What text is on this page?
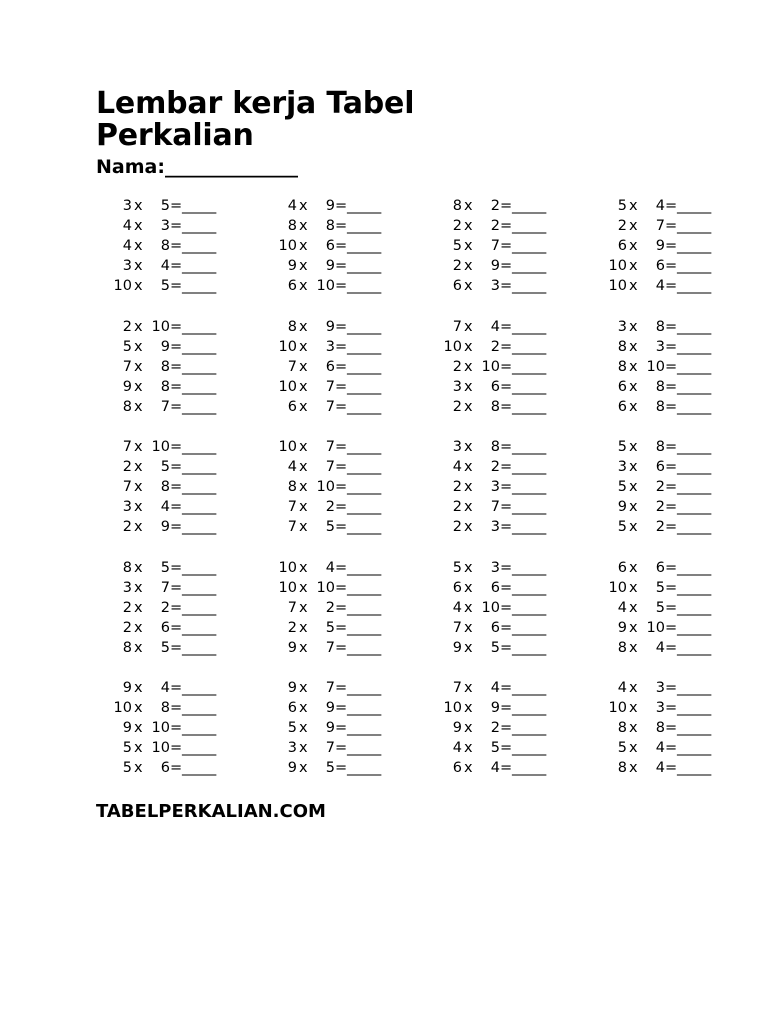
Lembar kerja Tabel Perkalian
Nama:______________
3 x	5 = _____
4 x	3 = _____
4 x	8 = _____
3 x	4 = _____
10 x	5 = _____
4 x	9 = _____
8 x	8 = _____
10 x	6 = _____
9 x	9 = _____
6 x 10 = _____
8 x	2 = _____
2 x	2 = _____
5 x	7 = _____
2 x	9 = _____
6 x	3 = _____
5 x	4 = _____
2 x	7 = _____
6 x	9 = _____
10 x	6 = _____
10 x	4 = _____
2 x 10 = _____
5 x	9 = _____
7 x	8 = _____
9 x	8 = _____
8 x	7 = _____
8 x	9 = _____
10 x	3 = _____
7 x	6 = _____
10 x	7 = _____
6 x	7 = _____
7 x	4 = _____
10 x	2 = _____
2 x 10 = _____
3 x	6 = _____
2 x	8 = _____
3 x	8 = _____
8 x	3 = _____
8 x 10 = _____
6 x	8 = _____
6 x	8 = _____
7 x 10 = _____
2 x	5 = _____
7 x	8 = _____
3 x	4 = _____
2 x	9 = _____
10 x	7 = _____
4 x	7 = _____
8 x 10 = _____
7 x	2 = _____
7 x	5 = _____
3 x	8 = _____
4 x	2 = _____
2 x	3 = _____
2 x	7 = _____
2 x	3 = _____
5 x	8 = _____
3 x	6 = _____
5 x	2 = _____
9 x	2 = _____
5 x	2 = _____
8 x	5 = _____
3 x	7 = _____
2 x	2 = _____
2 x	6 = _____
8 x	5 = _____
10 x	4 = _____
10 x 10 = _____
7 x	2 = _____
2 x	5 = _____
9 x	7 = _____
5 x	3 = _____
6 x	6 = _____
4 x 10 = _____
7 x	6 = _____
9 x	5 = _____
6 x	6 = _____
10 x	5 = _____
4 x	5 = _____
9 x 10 = _____
8 x	4 = _____
9 x	4 = _____
10 x	8 = _____
9 x 10 = _____
5 x 10 = _____
5 x	6 = _____
9 x	7 = _____
6 x	9 = _____
5 x	9 = _____
3 x	7 = _____
9 x	5 = _____
7 x	4 = _____
10 x	9 = _____
9 x	2 = _____
4 x	5 = _____
6 x	4 = _____
4 x	3 = _____
10 x	3 = _____
8 x	8 = _____
5 x	4 = _____
8 x	4 = _____
TABELPERKALIAN.COM
